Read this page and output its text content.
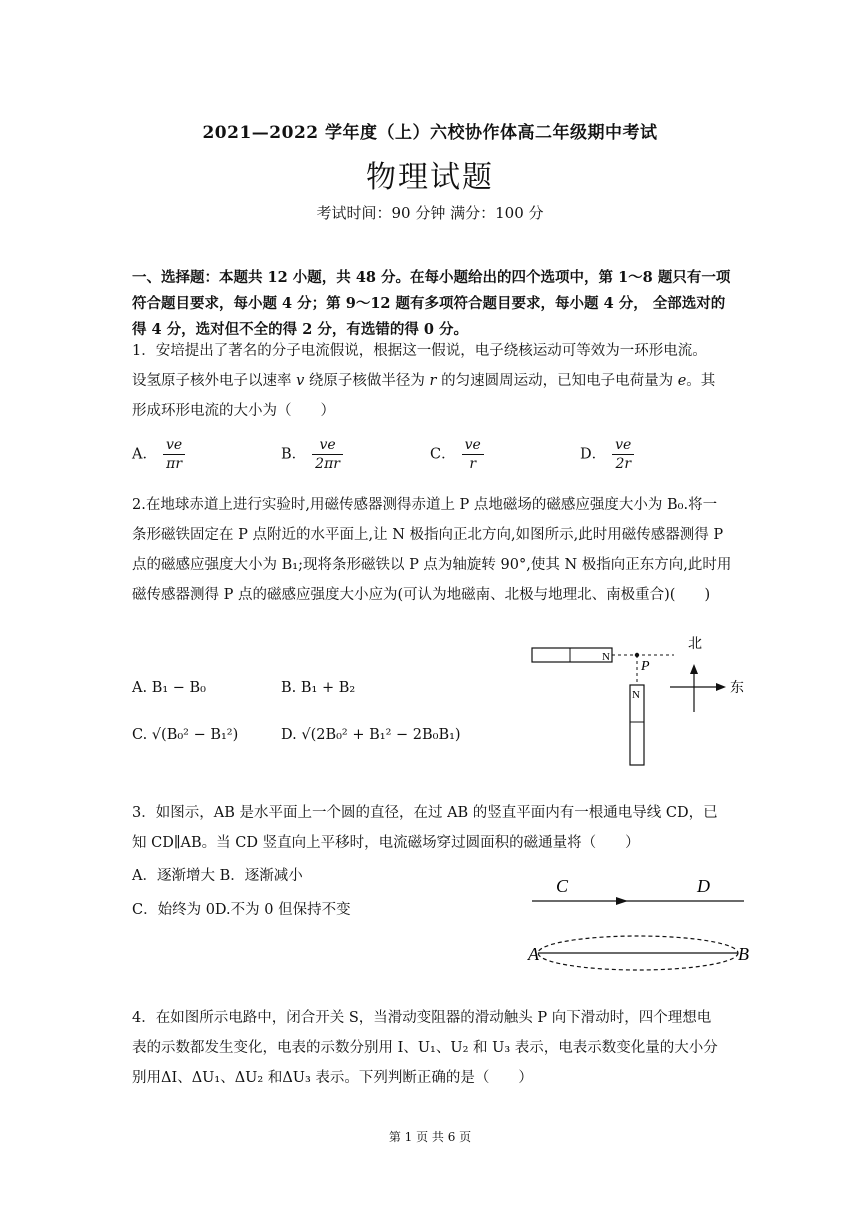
2021—2022 学年度（上）六校协作体高二年级期中考试
物理试题
考试时间：90 分钟 满分：100 分
一、选择题：本题共 12 小题，共 48 分。在每小题给出的四个选项中，第 1～8 题只有一项符合题目要求，每小题 4 分；第 9～12 题有多项符合题目要求，每小题 4 分， 全部选对的得 4 分，选对但不全的得 2 分，有选错的得 0 分。
1．安培提出了著名的分子电流假说，根据这一假说，电子绕核运动可等效为一环形电流。
设氢原子核外电子以速率 v 绕原子核做半径为 r 的匀速圆周运动，已知电子电荷量为 e。其
形成环形电流的大小为（　　）
A． $\frac{ve}{\pi r}$	B． $\frac{ve}{2\pi r}$	C． $\frac{ve}{r}$	D． $\frac{ve}{2r}$
2.在地球赤道上进行实验时,用磁传感器测得赤道上 P 点地磁场的磁感应强度大小为 B₀.将一
条形磁铁固定在 P 点附近的水平面上,让 N 极指向正北方向,如图所示,此时用磁传感器测得 P
点的磁感应强度大小为 B₁;现将条形磁铁以 P 点为轴旋转 90°,使其 N 极指向正东方向,此时用
磁传感器测得 P 点的磁感应强度大小应为(可认为地磁南、北极与地理北、南极重合)(　　)
A. B₁ − B₀	B. B₁ + B₂
C. √(B₀² − B₁²)	D. √(2B₀² + B₁² − 2B₀B₁)
N
P
N
北
东
3．如图示，AB 是水平面上一个圆的直径，在过 AB 的竖直平面内有一根通电导线 CD，已
知 CD∥AB。当 CD 竖直向上平移时，电流磁场穿过圆面积的磁通量将（　　）
A．逐渐增大 B．逐渐减小
C．始终为 0D.不为 0 但保持不变
C	D
A	B
4．在如图所示电路中，闭合开关 S，当滑动变阻器的滑动触头 P 向下滑动时，四个理想电
表的示数都发生变化，电表的示数分别用 I、U₁、U₂ 和 U₃ 表示，电表示数变化量的大小分
别用ΔI、ΔU₁、ΔU₂ 和ΔU₃ 表示。下列判断正确的是（　　）
第 1 页 共 6 页
